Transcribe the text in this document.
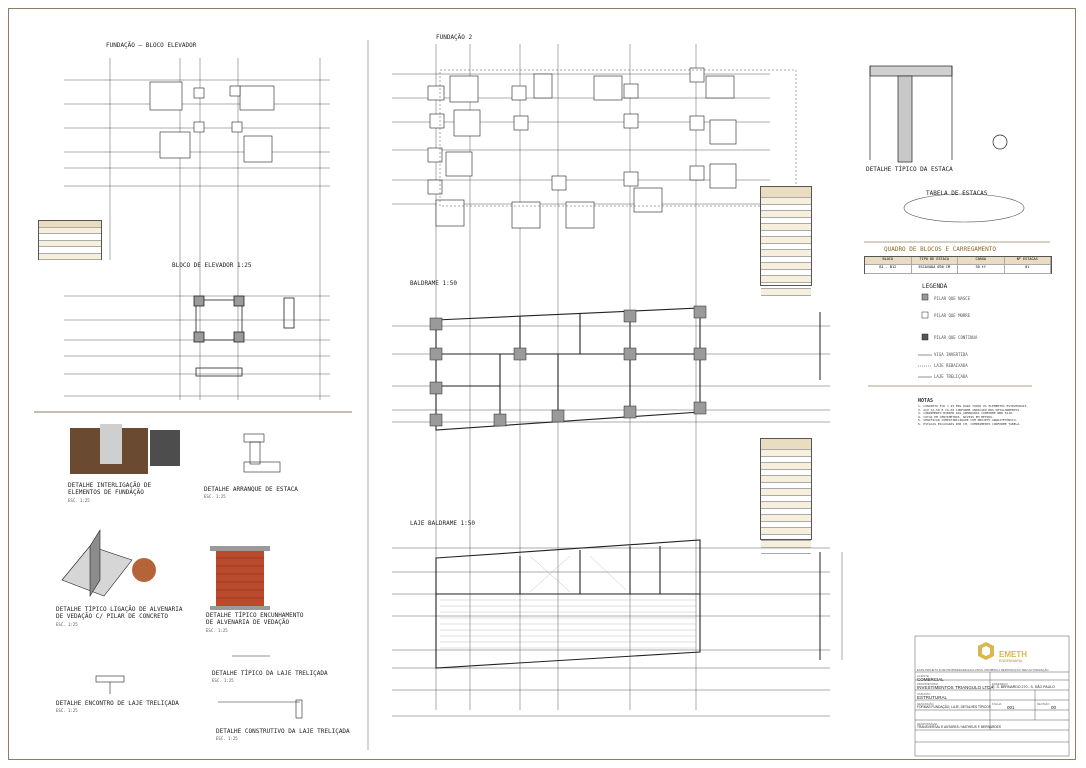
FUNDAÇÃO — BLOCO ELEVADOR
FUNDAÇÃO 2
BLOCO DE ELEVADOR 1:25
BALDRAME 1:50
LAJE BALDRAME 1:50
DETALHE TÍPICO DA ESTACA
TABELA DE ESTACAS
QUADRO DE BLOCOS E CARREGAMENTO
LEGENDA
BLOCO	TIPO DE ESTACA	CARGA	Nº ESTACAS
B1 - B12	ESCAVADA Ø30 CM	30 tf	01
PILAR QUE NASCE
PILAR QUE MORRE
PILAR QUE CONTINUA
VIGA INVERTIDA
LAJE REBAIXADA
LAJE TRELIÇADA
NOTAS
1. CONCRETO FCK = 25 MPa PARA TODOS OS ELEMENTOS ESTRUTURAIS.
2. AÇO CA-50 E CA-60 CONFORME INDICADO NOS DETALHAMENTOS.
3. COBRIMENTO MÍNIMO DAS ARMADURAS CONFORME NBR 6118.
4. COTAS EM CENTÍMETROS, NÍVEIS EM METROS.
5. VERIFICAR COMPATIBILIDADE COM PROJETO ARQUITETÔNICO.
6. ESTACAS ESCAVADAS Ø30 CM, COMPRIMENTO CONFORME TABELA.
DETALHE INTERLIGAÇÃO DE
ELEMENTOS DE FUNDAÇÃO
ESC. 1:25
DETALHE ARRANQUE DE ESTACA
ESC. 1:25
DETALHE TÍPICO LIGAÇÃO DE ALVENARIA
DE VEDAÇÃO C/ PILAR DE CONCRETO
ESC. 1:25
DETALHE TÍPICO ENCUNHAMENTO
DE ALVENARIA DE VEDAÇÃO
ESC. 1:25
DETALHE ENCONTRO DE LAJE TRELIÇADA
ESC. 1:25
DETALHE TÍPICO DA LAJE TRELIÇADA
ESC. 1:25
DETALHE CONSTRUTIVO DA LAJE TRELIÇADA
ESC. 1:25
EMETH
ENGENHARIA
ESTE PROJETO É DE PROPRIEDADE EXCLUSIVA. PROIBIDA A REPRODUÇÃO SEM AUTORIZAÇÃO.
CLIENTE
COMERCIAL
PROPRIETÁRIO
INVESTIMENTOS TRIANGULO LTDA
ENDEREÇO
R. S. BERNARDO 270 - S. SÃO PAULO
ASSUNTO
ESTRUTURAL
FOLHA
001
REVISÃO
00
DESCRIÇÃO
FORMAS FUNDAÇÃO, LAJE, DETALHES TÍPICOS
RESPONSÁVEL
TRANSVERSAL E ANTARES / MATHEUS F. BERNARDES
